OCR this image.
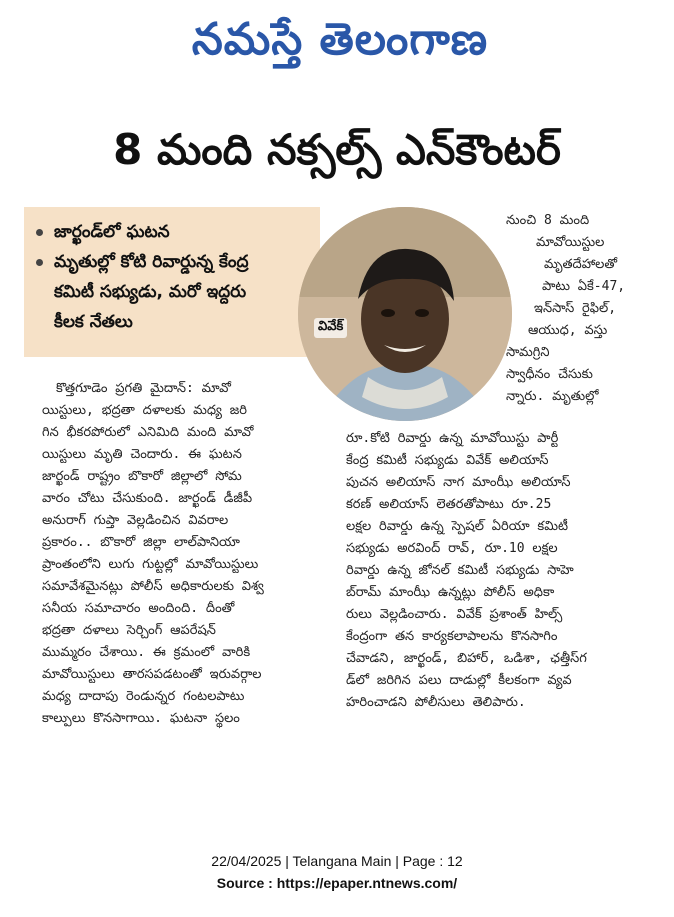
నమస్తే తెలంగాణ
8 మంది నక్సల్స్ ఎన్‌కౌంటర్
జార్ఖండ్‌లో ఘటన
మృతుల్లో కోటి రివార్డున్న కేంద్ర కమిటీ సభ్యుడు, మరో ఇద్దరు కీలక నేతలు	వివేక్
నుంచి 8 మంది
మావోయిస్టుల
మృతదేహాలతో
పాటు ఏకే-47,
ఇన్‌సాస్ రైఫిల్,
ఆయుధ, వస్తు
సామగ్రిని
స్వాధీనం చేసుకు
న్నారు. మృతుల్లో
కొత్తగూడెం ప్రగతి మైదాన్: మావో
యిస్టులు, భద్రతా దళాలకు మధ్య జరి
గిన భీకరపోరులో ఎనిమిది మంది మావో
యిస్టులు మృతి చెందారు. ఈ ఘటన
జార్ఖండ్ రాష్ట్రం బొకారో జిల్లాలో సోమ
వారం చోటు చేసుకుంది. జార్ఖండ్ డీజీపీ
అనురాగ్ గుప్తా వెల్లడించిన వివరాల
ప్రకారం.. బొకారో జిల్లా లాల్‌పానియా
ప్రాంతంలోని లుగు గుట్టల్లో మావోయిస్టులు
సమావేశమైనట్లు పోలీస్ అధికారులకు విశ్వ
సనీయ సమాచారం అందింది. దీంతో
భద్రతా దళాలు సెర్చింగ్ ఆపరేషన్
ముమ్మరం చేశాయి. ఈ క్రమంలో వారికి
మావోయిస్టులు తారసపడటంతో ఇరువర్గాల
మధ్య దాదాపు రెండున్నర గంటలపాటు
కాల్పులు కొనసాగాయి. ఘటనా స్థలం
రూ.కోటి రివార్డు ఉన్న మావోయిస్టు పార్టీ
కేంద్ర కమిటీ సభ్యుడు వివేక్ అలియాస్
పుచన అలియాస్ నాగ మాంఝీ అలియాస్
కరణ్ అలియాస్ లెతరతోపాటు రూ.25
లక్షల రివార్డు ఉన్న స్పెషల్ ఏరియా కమిటీ
సభ్యుడు అరవింద్ రావ్, రూ.10 లక్షల
రివార్డు ఉన్న జోనల్ కమిటీ సభ్యుడు సాహె
బ్‌రామ్ మాంఝీ ఉన్నట్లు పోలీస్ అధికా
రులు వెల్లడించారు. వివేక్ ప్రశాంత్ హిల్స్
కేంద్రంగా తన కార్యకలాపాలను కొనసాగిం
చేవాడని, జార్ఖండ్, బిహార్, ఒడిశా, ఛత్తీస్‌గ
డ్‌లో జరిగిన పలు దాడుల్లో కీలకంగా వ్యవ
హరించాడని పోలీసులు తెలిపారు.
22/04/2025 | Telangana Main | Page : 12
Source : https://epaper.ntnews.com/
